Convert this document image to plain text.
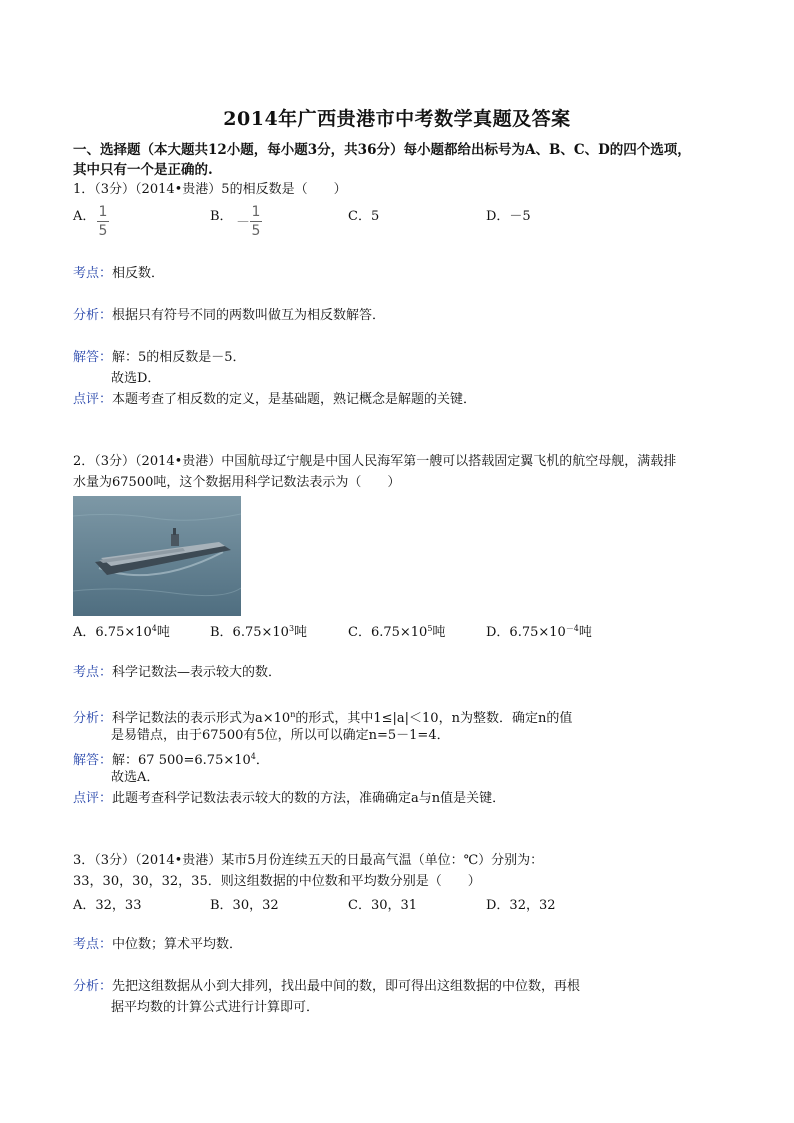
2014年广西贵港市中考数学真题及答案
一、选择题（本大题共12小题，每小题3分，共36分）每小题都给出标号为A、B、C、D的四个选项，
其中只有一个是正确的.
1．（3分）（2014•贵港）5的相反数是（　　）
A． 1
5
B． －
1
5
C．5	D．－5
考点：相反数．
分析：根据只有符号不同的两数叫做互为相反数解答．
解答：解：5的相反数是－5．
故选D．
点评：本题考查了相反数的定义，是基础题，熟记概念是解题的关键．
2．（3分）（2014•贵港）中国航母辽宁舰是中国人民海军第一艘可以搭载固定翼飞机的航空母舰，满载排
水量为67500吨，这个数据用科学记数法表示为（　　）
A．$6.75\times 10^4$吨	B．$6.75\times 10^3$吨	C．$6.75\times 10^5$吨	D．$6.75\times 10^{-4}$吨
考点：科学记数法—表示较大的数．
分析：科学记数法的表示形式为$a\times 10^n$的形式，其中1≤|a|＜10，n为整数．确定n的值
是易错点，由于67500有5位，所以可以确定n=5－1=4．
解答：解：67 $500=6.75\times 10^4$．
故选A．
点评：此题考查科学记数法表示较大的数的方法，准确确定a与n值是关键．
3．（3分）（2014•贵港）某市5月份连续五天的日最高气温（单位：℃）分别为：
33，30，30，32，35．则这组数据的中位数和平均数分别是（　　）
A．32，33	B．30，32	C．30，31	D．32，32
考点：中位数；算术平均数．
分析：先把这组数据从小到大排列，找出最中间的数，即可得出这组数据的中位数，再根
据平均数的计算公式进行计算即可．
